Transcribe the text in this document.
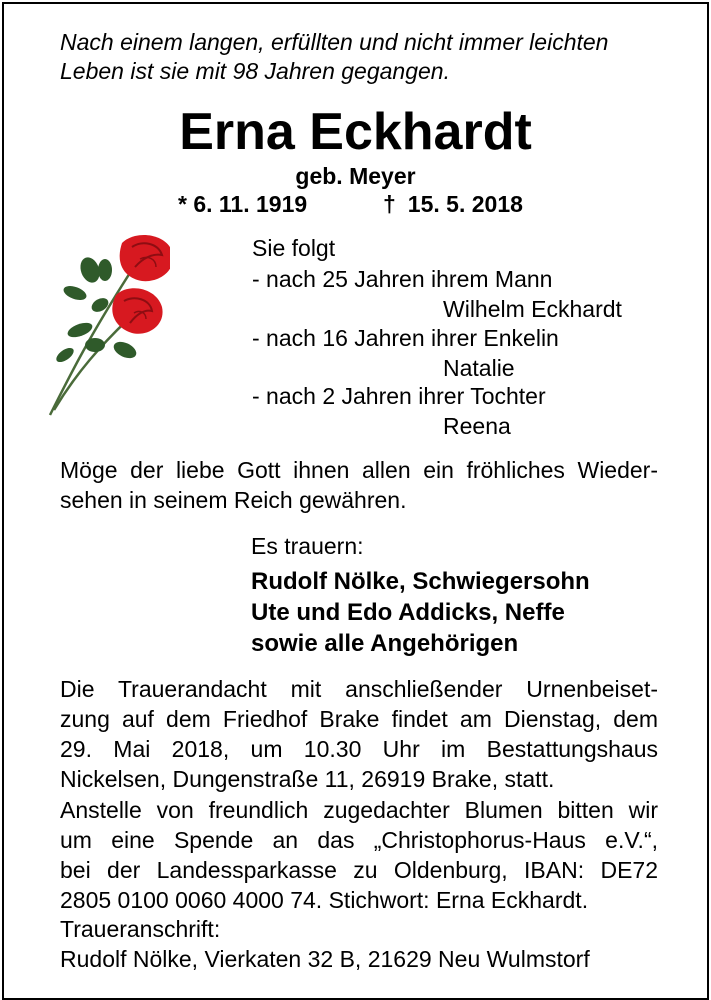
Nach einem langen, erfüllten und nicht immer leichten
Leben ist sie mit 98 Jahren gegangen.
Erna Eckhardt
geb. Meyer
* 6. 11. 1919	† 15. 5. 2018
Sie folgt
- nach 25 Jahren ihrem Mann
Wilhelm Eckhardt
- nach 16 Jahren ihrer Enkelin
Natalie
- nach 2 Jahren ihrer Tochter
Reena
Möge der liebe Gott ihnen allen ein fröhliches Wieder-
sehen in seinem Reich gewähren.
Es trauern:
Rudolf Nölke, Schwiegersohn
Ute und Edo Addicks, Neffe
sowie alle Angehörigen
Die Trauerandacht mit anschließender Urnenbeiset-
zung auf dem Friedhof Brake findet am Dienstag, dem
29. Mai 2018, um 10.30 Uhr im Bestattungshaus
Nickelsen, Dungenstraße 11, 26919 Brake, statt.
Anstelle von freundlich zugedachter Blumen bitten wir
um eine Spende an das „Christophorus-Haus e.V.“,
bei der Landessparkasse zu Oldenburg, IBAN: DE72
2805 0100 0060 4000 74. Stichwort: Erna Eckhardt.
Traueranschrift:
Rudolf Nölke, Vierkaten 32 B, 21629 Neu Wulmstorf
